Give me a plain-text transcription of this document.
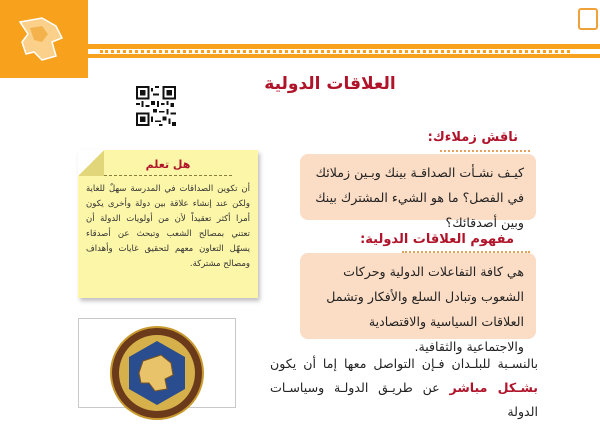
العلاقات الدولية
ناقش زملاءك:
كيـف نشـأت الصداقـة بينك وبـين زملائك في الفصل؟ ما هو الشيء المشترك بينك وبين أصدقائك؟
مفهوم العلاقات الدولية:
هي كافة التفاعلات الدولية وحركات الشعوب وتبادل السلع والأفكار وتشمل العلاقات السياسية والاقتصادية والاجتماعية والثقافية.
هل تعلم
أن تكوين الصداقات في المدرسة سهلٌ للغاية ولكن عند إنشاء علاقة بين دولة وأخرى يكون أمرا أكثر تعقيداً لأن من أولويات الدولة أن تعتني بمصالح الشعب وتبحث عن أصدقاء يسهّل التعاون معهم لتحقيق غايات وأهداف ومصالح مشتركة.
بالنسـبة للبلـدان فـإن التواصل معها إما أن يكون بشـكل مباشر عن طريـق الدولـة وسياسـات الدولة
